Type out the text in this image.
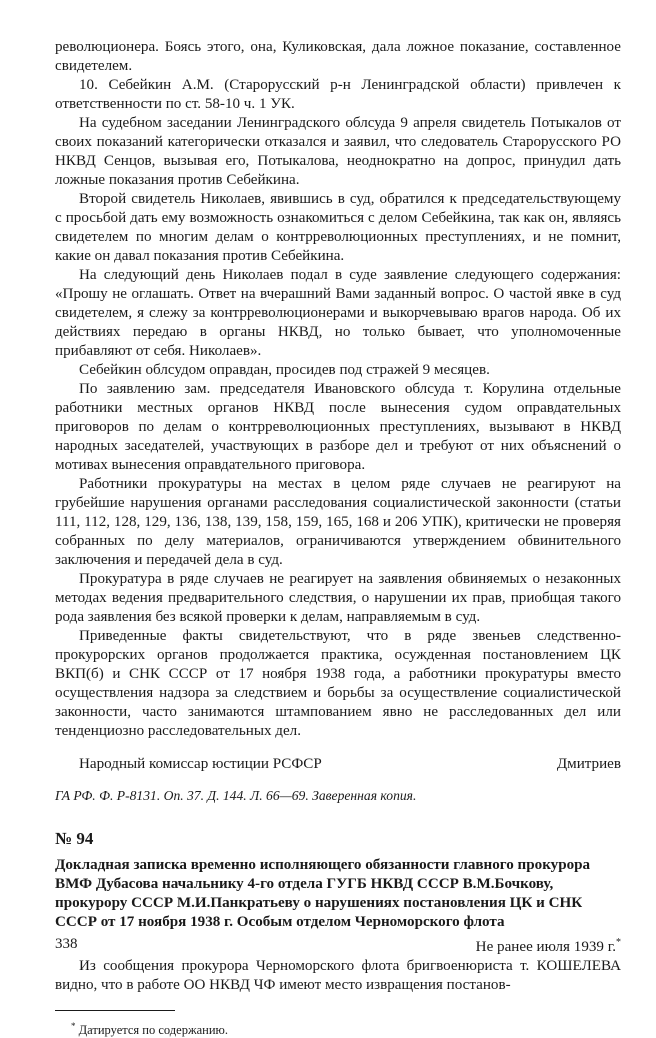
революционера. Боясь этого, она, Куликовская, дала ложное показание, составленное свидетелем.

10. Себейкин А.М. (Старорусский р-н Ленинградской области) привлечен к ответственности по ст. 58-10 ч. 1 УК.

На судебном заседании Ленинградского облсуда 9 апреля свидетель Потыкалов от своих показаний категорически отказался и заявил, что следователь Старорусского РО НКВД Сенцов, вызывая его, Потыкалова, неоднократно на допрос, принудил дать ложные показания против Себейкина.

Второй свидетель Николаев, явившись в суд, обратился к председательствующему с просьбой дать ему возможность ознакомиться с делом Себейкина, так как он, являясь свидетелем по многим делам о контрреволюционных преступлениях, и не помнит, какие он давал показания против Себейкина.

На следующий день Николаев подал в суде заявление следующего содержания: «Прошу не оглашать. Ответ на вчерашний Вами заданный вопрос. О частой явке в суд свидетелем, я слежу за контрреволюционерами и выкорчевываю врагов народа. Об их действиях передаю в органы НКВД, но только бывает, что уполномоченные прибавляют от себя. Николаев».

Себейкин облсудом оправдан, просидев под стражей 9 месяцев.

По заявлению зам. председателя Ивановского облсуда т. Корулина отдельные работники местных органов НКВД после вынесения судом оправдательных приговоров по делам о контрреволюционных преступлениях, вызывают в НКВД народных заседателей, участвующих в разборе дел и требуют от них объяснений о мотивах вынесения оправдательного приговора.

Работники прокуратуры на местах в целом ряде случаев не реагируют на грубейшие нарушения органами расследования социалистической законности (статьи 111, 112, 128, 129, 136, 138, 139, 158, 159, 165, 168 и 206 УПК), критически не проверяя собранных по делу материалов, ограничиваются утверждением обвинительного заключения и передачей дела в суд.

Прокуратура в ряде случаев не реагирует на заявления обвиняемых о незаконных методах ведения предварительного следствия, о нарушении их прав, приобщая такого рода заявления без всякой проверки к делам, направляемым в суд.

Приведенные факты свидетельствуют, что в ряде звеньев следственно-прокурорских органов продолжается практика, осужденная постановлением ЦК ВКП(б) и СНК СССР от 17 ноября 1938 года, а работники прокуратуры вместо осуществления надзора за следствием и борьбы за осуществление социалистической законности, часто занимаются штампованием явно не расследованных дел или тенденциозно расследовательных дел.

Народный комиссар юстиции РСФСР	Дмитриев
ГА РФ. Ф. Р-8131. Оп. 37. Д. 144. Л. 66—69. Заверенная копия.
№ 94
Докладная записка временно исполняющего обязанности главного прокурора ВМФ Дубасова начальнику 4-го отдела ГУГБ НКВД СССР В.М.Бочкову, прокурору СССР М.И.Панкратьеву о нарушениях постановления ЦК и СНК СССР от 17 ноября 1938 г. Особым отделом Черноморского флота
Не ранее июля 1939 г.*

Из сообщения прокурора Черноморского флота бригвоенюриста т. КОШЕЛЕВА видно, что в работе ОО НКВД ЧФ имеют место извращения постанов-

* Датируется по содержанию.
338
